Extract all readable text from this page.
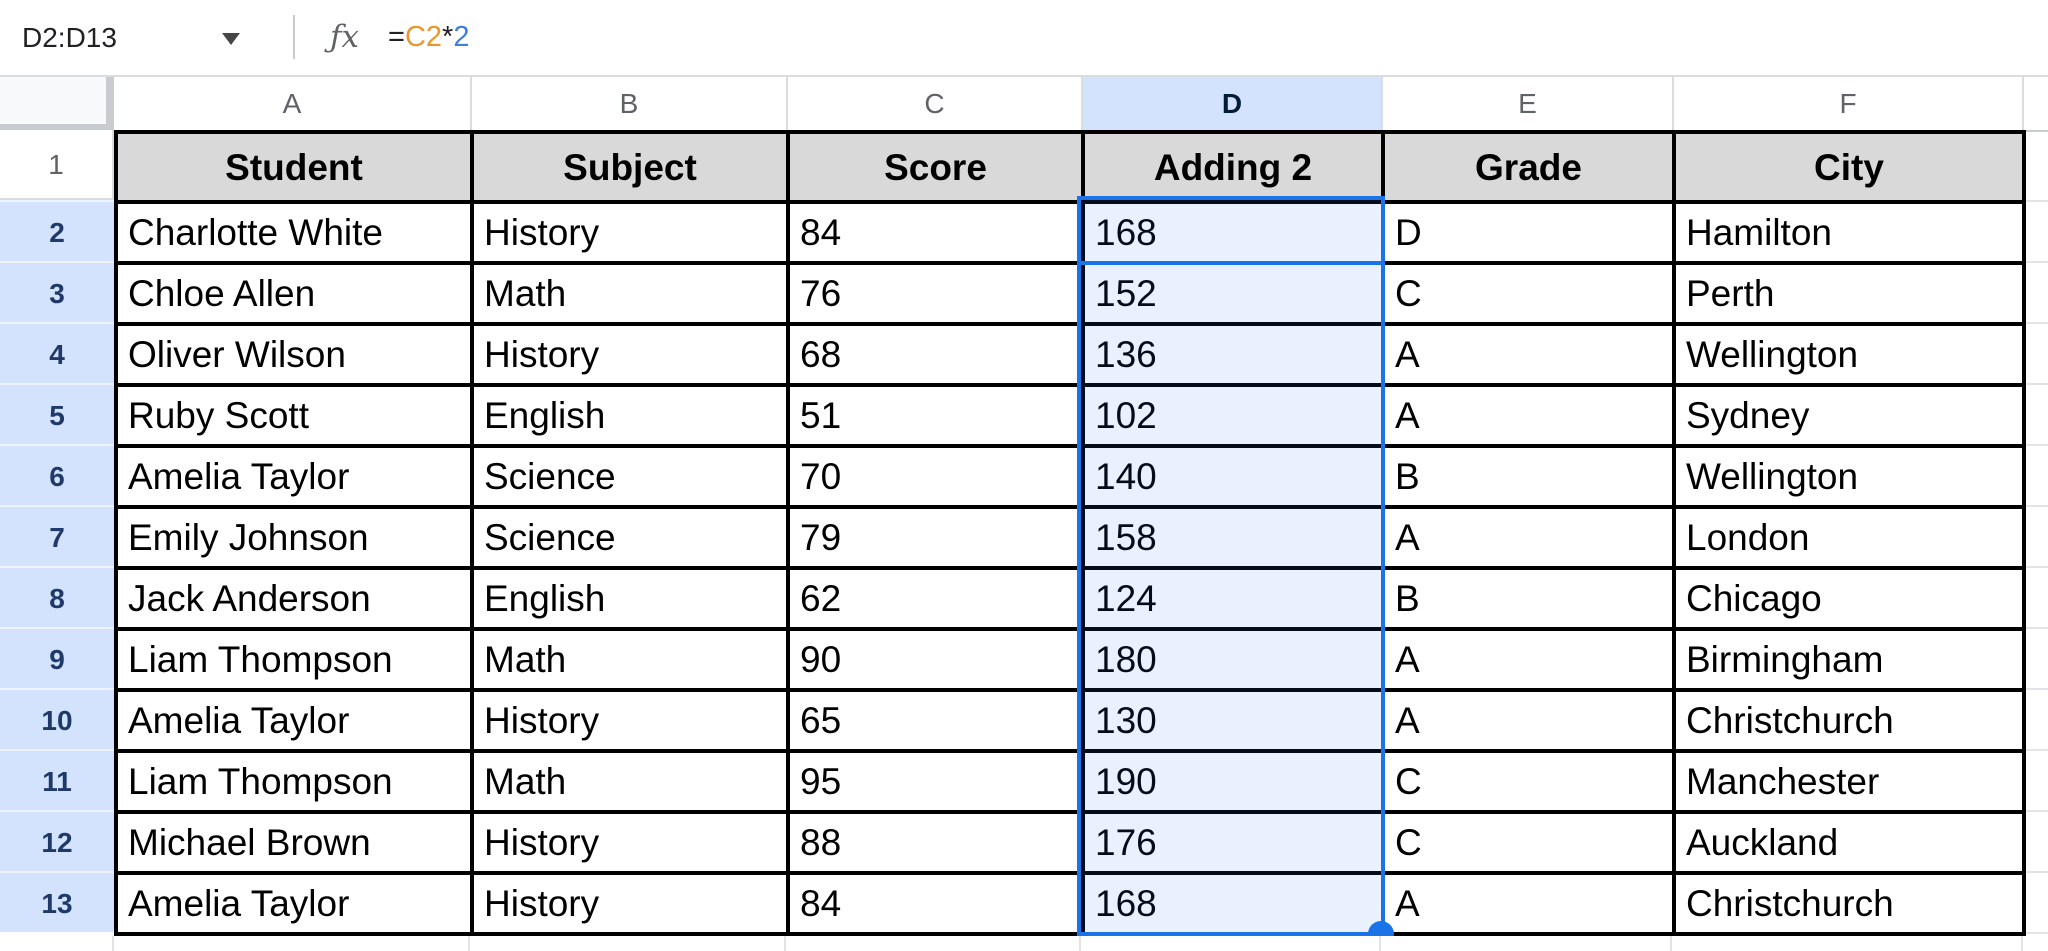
D2:D13	ƒx =C2*2
A	B	C	D	E	F
1
2
3
4
5
6
7
8
9
10
11
12
13
Student	Subject	Score	Adding 2	Grade	City
Charlotte White	History	84	168	D	Hamilton
Chloe Allen	Math	76	152	C	Perth
Oliver Wilson	History	68	136	A	Wellington
Ruby Scott	English	51	102	A	Sydney
Amelia Taylor	Science	70	140	B	Wellington
Emily Johnson	Science	79	158	A	London
Jack Anderson	English	62	124	B	Chicago
Liam Thompson	Math	90	180	A	Birmingham
Amelia Taylor	History	65	130	A	Christchurch
Liam Thompson	Math	95	190	C	Manchester
Michael Brown	History	88	176	C	Auckland
Amelia Taylor	History	84	168	A	Christchurch
